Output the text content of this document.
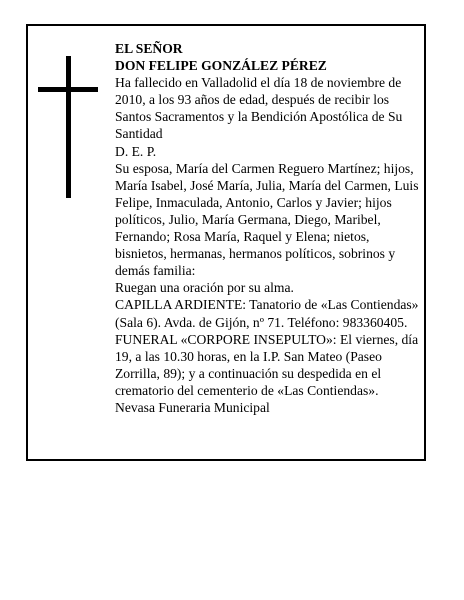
EL SEÑOR

DON FELIPE GONZÁLEZ PÉREZ

Ha fallecido en Valladolid el día 18 de noviembre de 2010, a los 93 años de edad, después de recibir los Santos Sacramentos y la Bendición Apostólica de Su Santidad

D. E. P.

Su esposa, María del Carmen Reguero Martínez; hijos, María Isabel, José María, Julia, María del Carmen, Luis Felipe, Inmaculada, Antonio, Carlos y Javier; hijos políticos, Julio, María Germana, Diego, Maribel, Fernando; Rosa María, Raquel y Elena; nietos, bisnietos, hermanas, hermanos políticos, sobrinos y demás familia:

Ruegan una oración por su alma.

CAPILLA ARDIENTE: Tanatorio de «Las Contiendas» (Sala 6). Avda. de Gijón, nº 71. Teléfono: 983360405.

FUNERAL «CORPORE INSEPULTO»: El viernes, día 19, a las 10.30 horas, en la I.P. San Mateo (Paseo Zorrilla, 89); y a continuación su despedida en el crematorio del cementerio de «Las Contiendas».

Nevasa Funeraria Municipal
